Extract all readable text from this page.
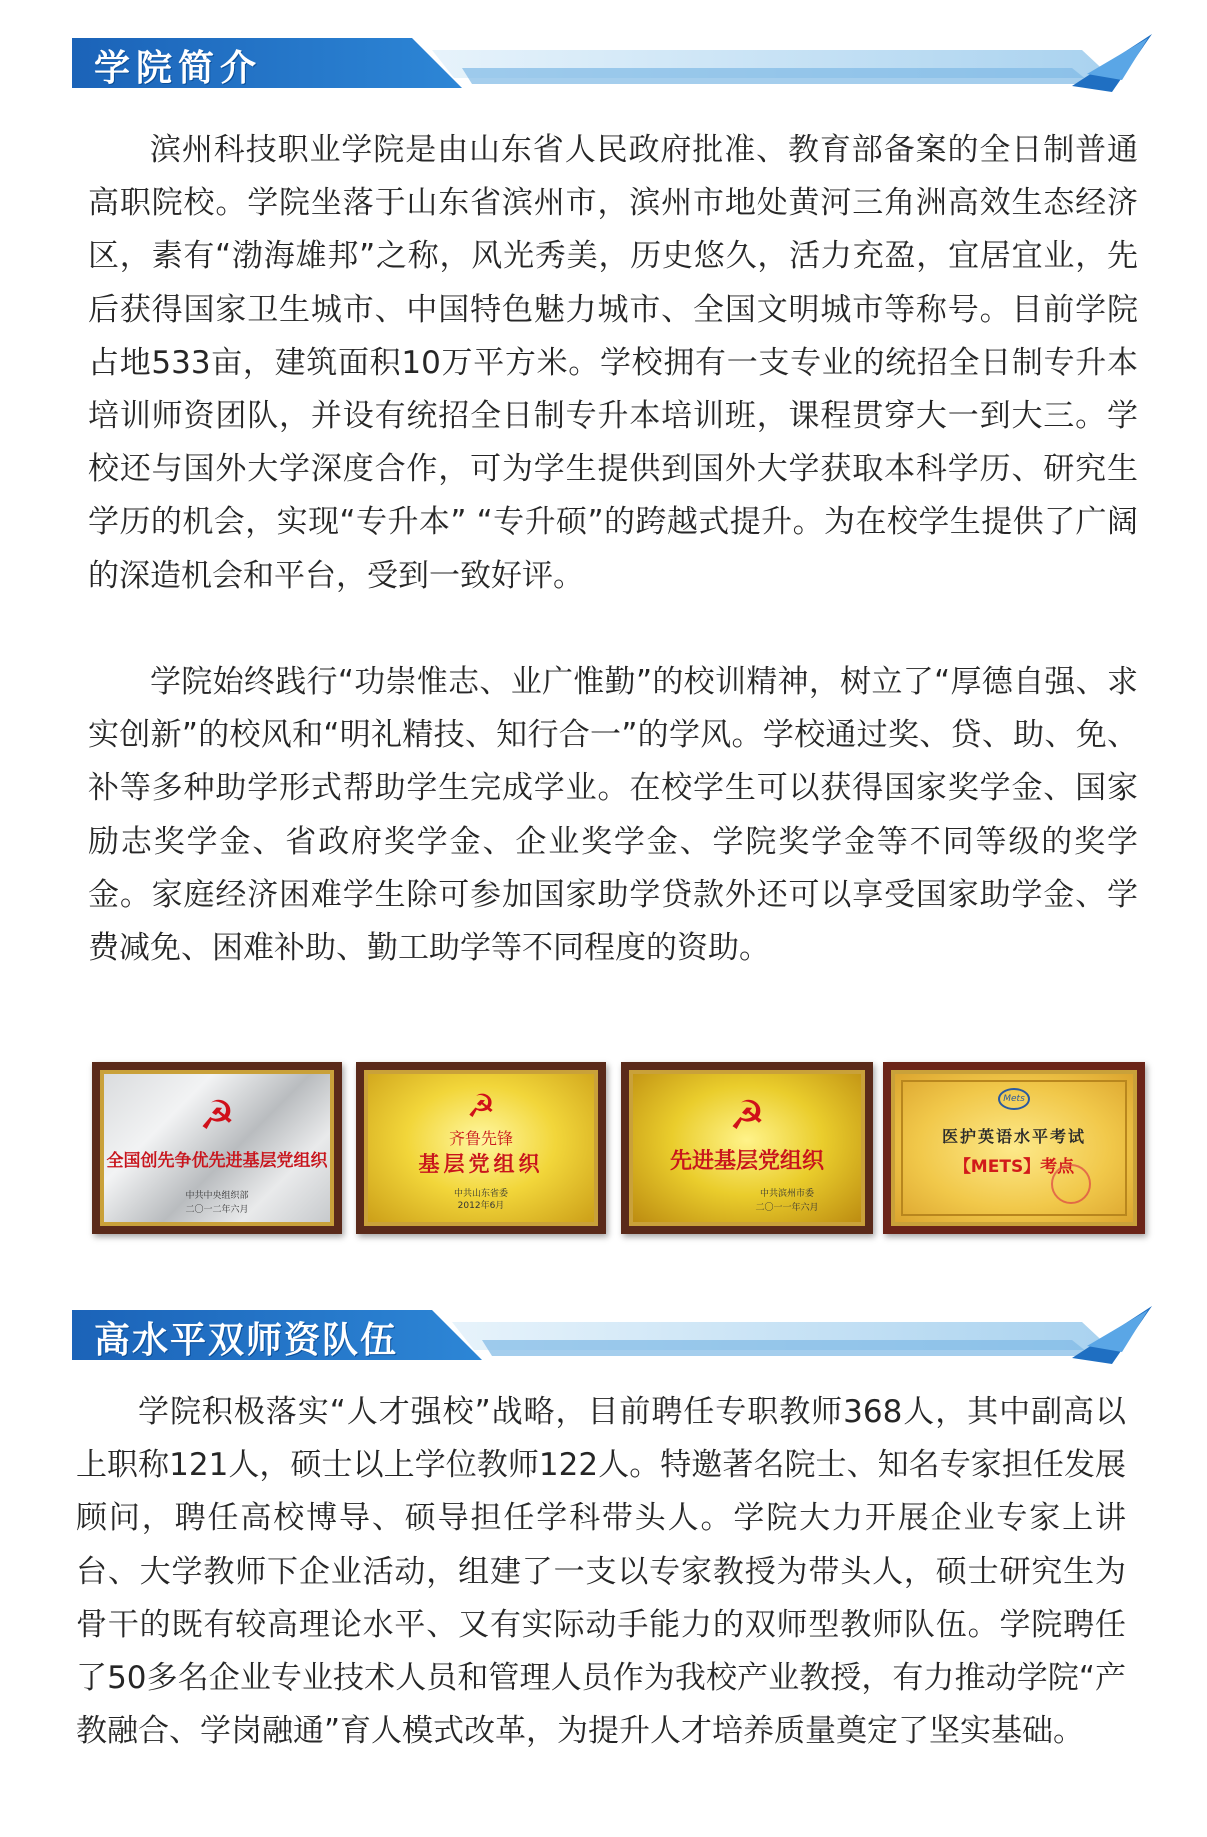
学院简介

滨州科技职业学院是由山东省人民政府批准、教育部备案的全日制普通高职院校。学院坐落于山东省滨州市，滨州市地处黄河三角洲高效生态经济区，素有“渤海雄邦”之称，风光秀美，历史悠久，活力充盈，宜居宜业，先后获得国家卫生城市、中国特色魅力城市、全国文明城市等称号。目前学院占地533亩，建筑面积10万平方米。学校拥有一支专业的统招全日制专升本培训师资团队，并设有统招全日制专升本培训班，课程贯穿大一到大三。学校还与国外大学深度合作，可为学生提供到国外大学获取本科学历、研究生学历的机会，实现“专升本” “专升硕”的跨越式提升。为在校学生提供了广阔的深造机会和平台，受到一致好评。

学院始终践行“功崇惟志、业广惟勤”的校训精神，树立了“厚德自强、求实创新”的校风和“明礼精技、知行合一”的学风。学校通过奖、贷、助、免、补等多种助学形式帮助学生完成学业。在校学生可以获得国家奖学金、国家励志奖学金、省政府奖学金、企业奖学金、学院奖学金等不同等级的奖学金。家庭经济困难学生除可参加国家助学贷款外还可以享受国家助学金、学费减免、困难补助、勤工助学等不同程度的资助。

☭
全国创先争优先进基层党组织
中共中央组织部
二〇一二年六月
☭
齐鲁先锋
基层党组织
中共山东省委
2012年6月
☭
先进基层党组织
中共滨州市委
二〇一一年六月
Mets
医护英语水平考试
【METS】考点
高水平双师资队伍

学院积极落实“人才强校”战略，目前聘任专职教师368人，其中副高以上职称121人，硕士以上学位教师122人。特邀著名院士、知名专家担任发展顾问，聘任高校博导、硕导担任学科带头人。学院大力开展企业专家上讲台、大学教师下企业活动，组建了一支以专家教授为带头人，硕士研究生为骨干的既有较高理论水平、又有实际动手能力的双师型教师队伍。学院聘任了50多名企业专业技术人员和管理人员作为我校产业教授，有力推动学院“产教融合、学岗融通”育人模式改革，为提升人才培养质量奠定了坚实基础。
